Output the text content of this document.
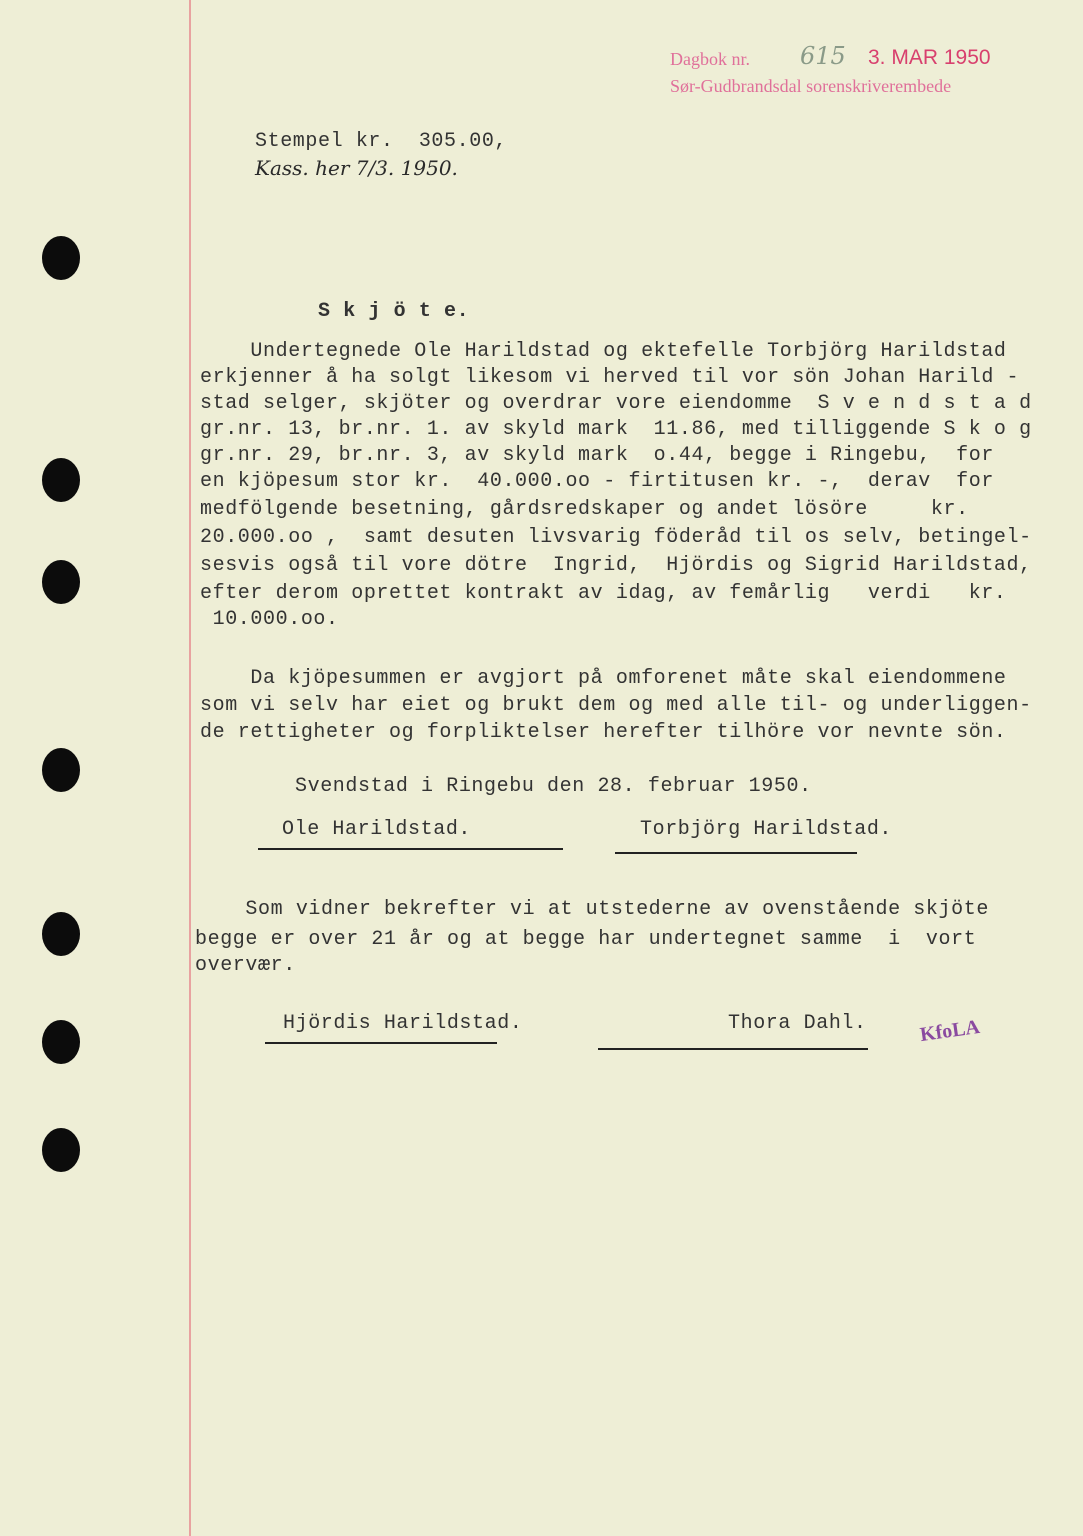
Dagbok nr. 615 3. MAR 1950
Sør-Gudbrandsdal sorenskriverembede
Stempel kr.  305.00,
Kass. her 7/3. 1950.
S k j ö t e.
Undertegnede Ole Harildstad og ektefelle Torbjörg Harildstad
erkjenner å ha solgt likesom vi herved til vor sön Johan Harild -
stad selger, skjöter og overdrar vore eiendomme  S v e n d s t a d
gr.nr. 13, br.nr. 1. av skyld mark  11.86, med tilliggende S k o g
gr.nr. 29, br.nr. 3, av skyld mark  o.44, begge i Ringebu,  for
en kjöpesum stor kr.  40.000.oo - firtitusen kr. -,  derav  for
medfölgende besetning, gårdsredskaper og andet lösöre     kr.
20.000.oo ,  samt desuten livsvarig föderåd til os selv, betingel-
sesvis også til vore dötre  Ingrid,  Hjördis og Sigrid Harildstad,
efter derom oprettet kontrakt av idag, av femårlig   verdi   kr.
10.000.oo.
Da kjöpesummen er avgjort på omforenet måte skal eiendommene
som vi selv har eiet og brukt dem og med alle til- og underliggen-
de rettigheter og forpliktelser herefter tilhöre vor nevnte sön.
Svendstad i Ringebu den 28. februar 1950.
Ole Harildstad.	Torbjörg Harildstad.
Som vidner bekrefter vi at utstederne av ovenstående skjöte
begge er over 21 år og at begge har undertegnet samme  i  vort
overvær.
Hjördis Harildstad.	Thora Dahl.	KfoLA
